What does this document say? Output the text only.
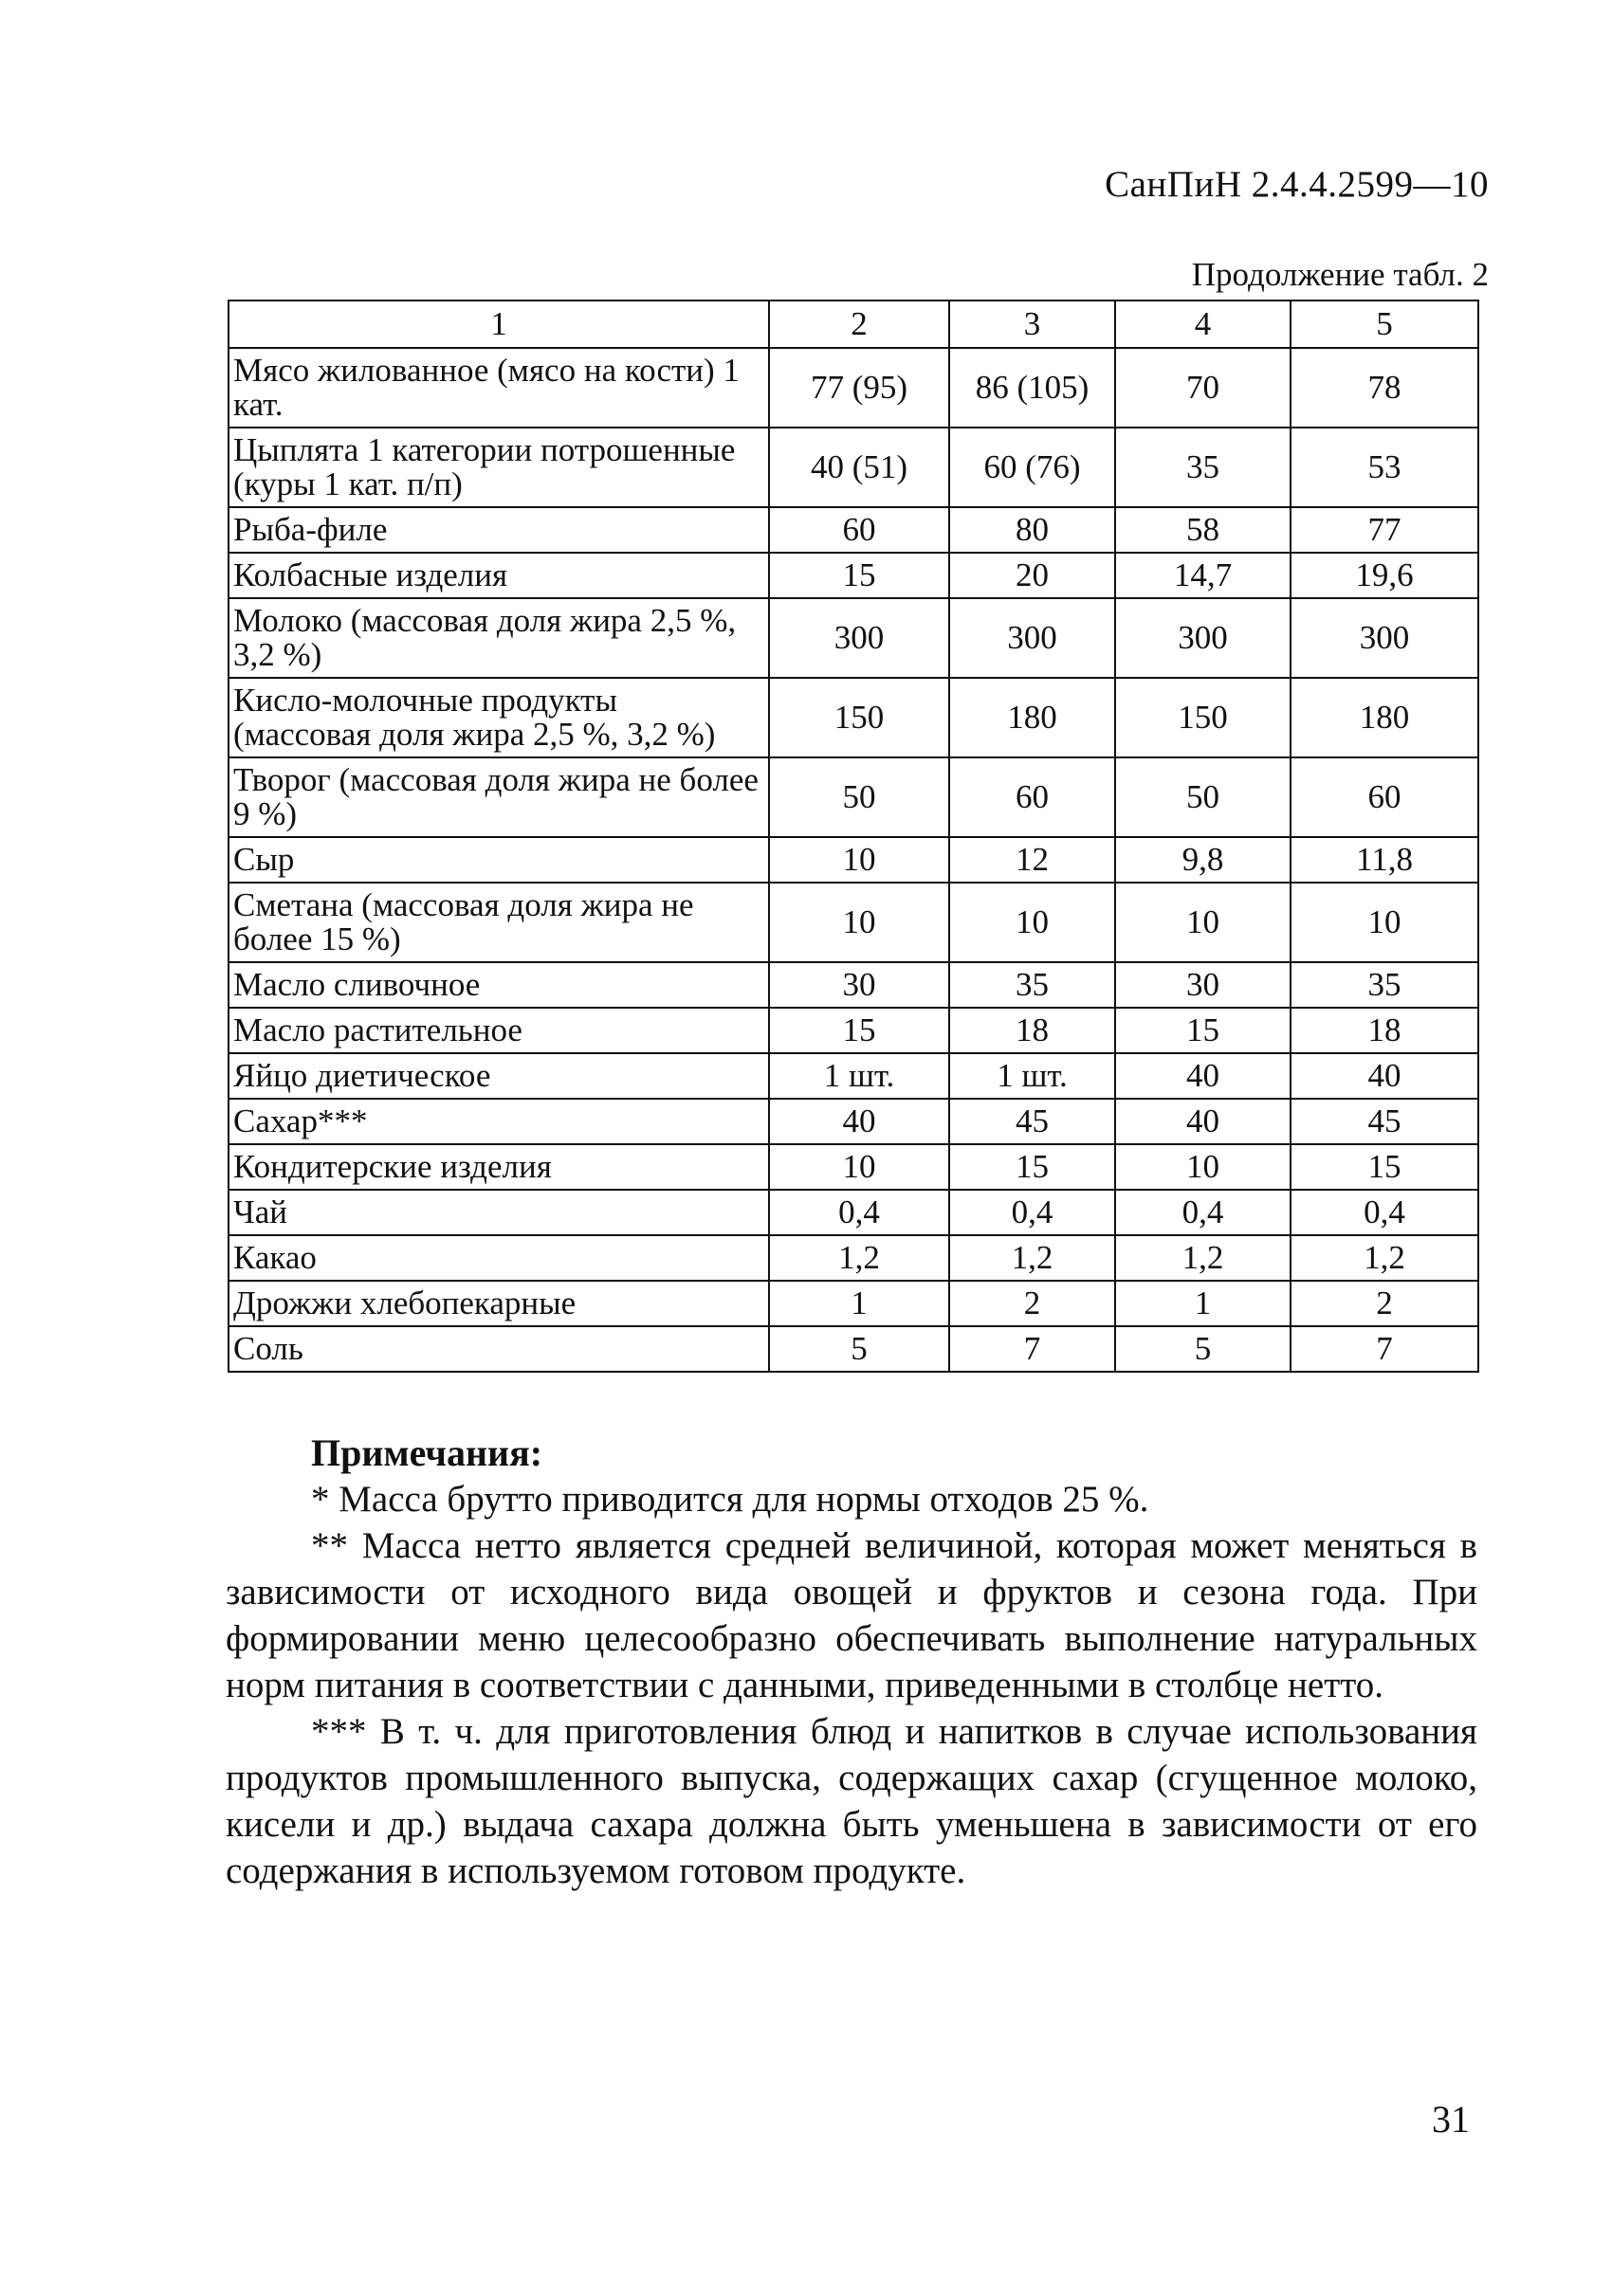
СанПиН 2.4.4.2599—10
Продолжение табл. 2
1	2	3	4	5
Мясо жилованное (мясо на кости) 1 кат.	77 (95)	86 (105)	70	78
Цыплята 1 категории потрошенные (куры 1 кат. п/п)	40 (51)	60 (76)	35	53
Рыба-филе	60	80	58	77
Колбасные изделия	15	20	14,7	19,6
Молоко (массовая доля жира 2,5 %, 3,2 %)	300	300	300	300
Кисло-молочные продукты (массовая доля жира 2,5 %, 3,2 %)	150	180	150	180
Творог (массовая доля жира не более 9 %)	50	60	50	60
Сыр	10	12	9,8	11,8
Сметана (массовая доля жира не более 15 %)	10	10	10	10
Масло сливочное	30	35	30	35
Масло растительное	15	18	15	18
Яйцо диетическое	1 шт.	1 шт.	40	40
Сахар***	40	45	40	45
Кондитерские изделия	10	15	10	15
Чай	0,4	0,4	0,4	0,4
Какао	1,2	1,2	1,2	1,2
Дрожжи хлебопекарные	1	2	1	2
Соль	5	7	5	7
Примечания:

* Масса брутто приводится для нормы отходов 25 %.

** Масса нетто является средней величиной, которая может меняться в зависимости от исходного вида овощей и фруктов и сезона года. При формировании меню целесообразно обеспечивать выполнение натуральных норм питания в соответствии с данными, приведенными в столбце нетто.

*** В т. ч. для приготовления блюд и напитков в случае использования продуктов промышленного выпуска, содержащих сахар (сгущенное молоко, кисели и др.) выдача сахара должна быть уменьшена в зависимости от его содержания в используемом готовом продукте.

31
